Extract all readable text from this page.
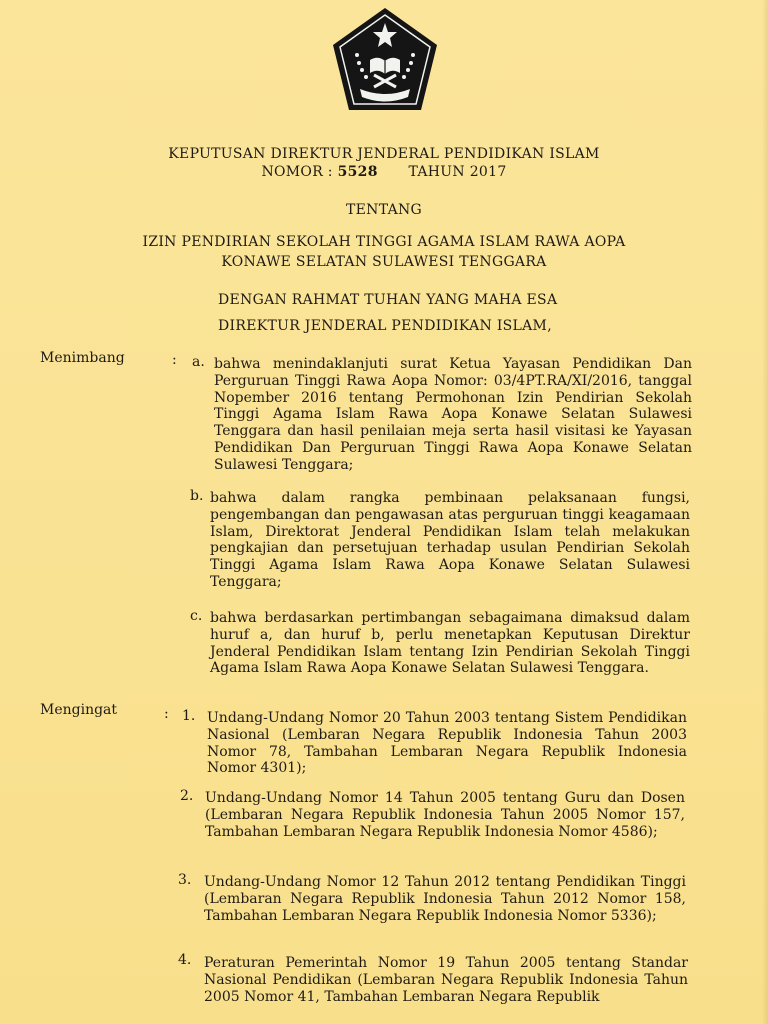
KEPUTUSAN DIREKTUR JENDERAL PENDIDIKAN ISLAM
NOMOR : 5528 TAHUN 2017
TENTANG
IZIN PENDIRIAN SEKOLAH TINGGI AGAMA ISLAM RAWA AOPA
KONAWE SELATAN SULAWESI TENGGARA
DENGAN RAHMAT TUHAN YANG MAHA ESA
DIREKTUR JENDERAL PENDIDIKAN ISLAM,
Menimbang	: a. bahwa menindaklanjuti surat Ketua Yayasan Pendidikan Dan Perguruan Tinggi Rawa Aopa Nomor: 03/4PT.RA/XI/2016, tanggal Nopember 2016 tentang Permohonan Izin Pendirian Sekolah Tinggi Agama Islam Rawa Aopa Konawe Selatan Sulawesi Tenggara dan hasil penilaian meja serta hasil visitasi ke Yayasan Pendidikan Dan Perguruan Tinggi Rawa Aopa Konawe Selatan Sulawesi Tenggara;
b. bahwa dalam rangka pembinaan pelaksanaan fungsi, pengembangan dan pengawasan atas perguruan tinggi keagamaan Islam, Direktorat Jenderal Pendidikan Islam telah melakukan pengkajian dan persetujuan terhadap usulan Pendirian Sekolah Tinggi Agama Islam Rawa Aopa Konawe Selatan Sulawesi Tenggara;
c. bahwa berdasarkan pertimbangan sebagaimana dimaksud dalam huruf a, dan huruf b, perlu menetapkan Keputusan Direktur Jenderal Pendidikan Islam tentang Izin Pendirian Sekolah Tinggi Agama Islam Rawa Aopa Konawe Selatan Sulawesi Tenggara.
Mengingat	: 1. Undang-Undang Nomor 20 Tahun 2003 tentang Sistem Pendidikan Nasional (Lembaran Negara Republik Indonesia Tahun 2003 Nomor 78, Tambahan Lembaran Negara Republik Indonesia Nomor 4301);
2. Undang-Undang Nomor 14 Tahun 2005 tentang Guru dan Dosen (Lembaran Negara Republik Indonesia Tahun 2005 Nomor 157, Tambahan Lembaran Negara Republik Indonesia Nomor 4586);
3. Undang-Undang Nomor 12 Tahun 2012 tentang Pendidikan Tinggi (Lembaran Negara Republik Indonesia Tahun 2012 Nomor 158, Tambahan Lembaran Negara Republik Indonesia Nomor 5336);
4. Peraturan Pemerintah Nomor 19 Tahun 2005 tentang Standar Nasional Pendidikan (Lembaran Negara Republik Indonesia Tahun 2005 Nomor 41, Tambahan Lembaran Negara Republik
